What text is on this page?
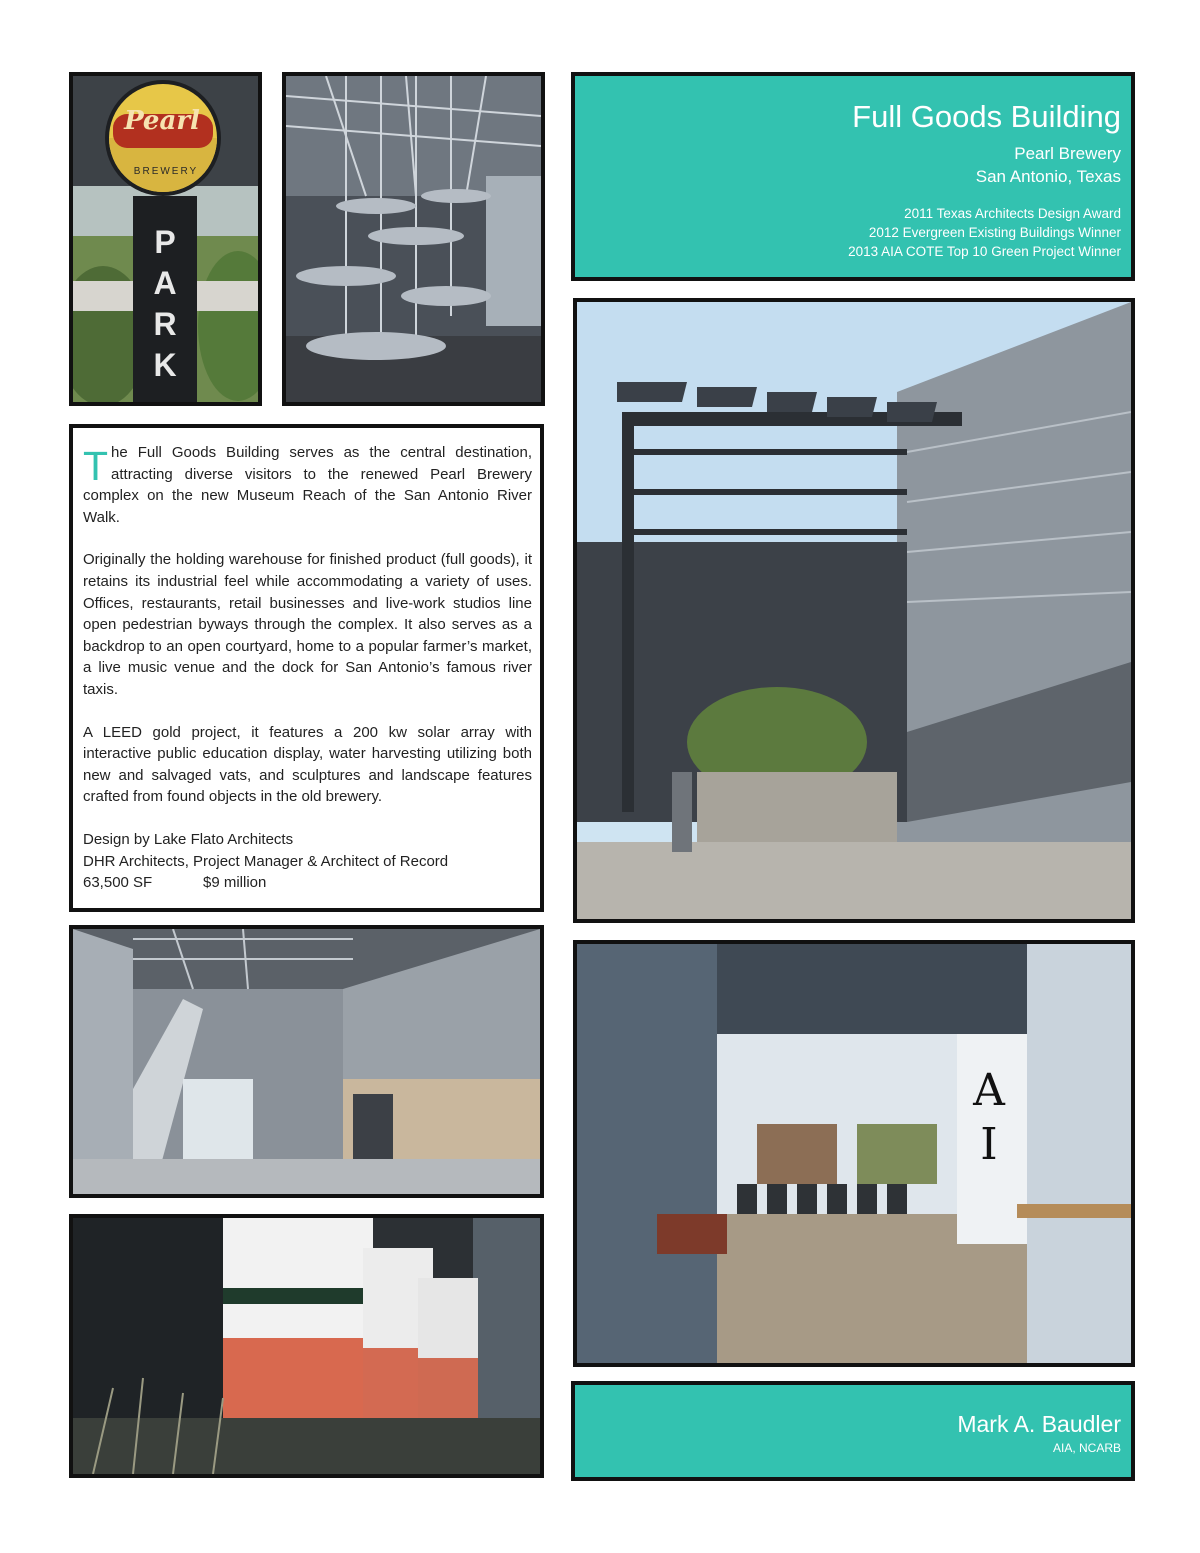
Pearl
BREWERY
P
A
R
K
Full Goods Building
Pearl Brewery
San Antonio, Texas
2011 Texas Architects Design Award
2012 Evergreen Existing Buildings Winner
2013 AIA COTE Top 10 Green Project Winner

The Full Goods Building serves as the central destination, attracting diverse visitors to the renewed Pearl Brewery complex on the new Museum Reach of the San Antonio River Walk.

Originally the holding warehouse for finished product (full goods), it retains its industrial feel while accommodating a variety of uses. Offices, restaurants, retail businesses and live-work studios line open pedestrian byways through the complex. It also serves as a backdrop to an open courtyard, home to a popular farmer’s market, a live music venue and the dock for San Antonio’s famous river taxis.

A LEED gold project, it features a 200 kw solar array with interactive public education display, water harvesting utilizing both new and salvaged vats, and sculptures and landscape features crafted from found objects in the old brewery.

Design by Lake Flato Architects
DHR Architects, Project Manager & Architect of Record
63,500 SF	$9 million
A
I
Mark A. Baudler
AIA, NCARB
